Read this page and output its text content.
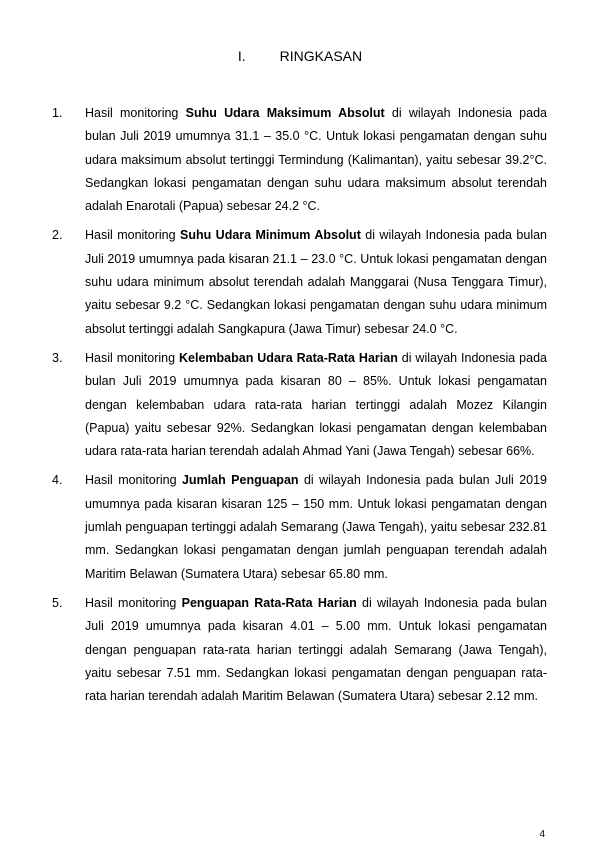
I. RINGKASAN
1. Hasil monitoring Suhu Udara Maksimum Absolut di wilayah Indonesia pada bulan Juli 2019 umumnya 31.1 – 35.0 °C. Untuk lokasi pengamatan dengan suhu udara maksimum absolut tertinggi Termindung (Kalimantan), yaitu sebesar 39.2°C. Sedangkan lokasi pengamatan dengan suhu udara maksimum absolut terendah adalah Enarotali (Papua) sebesar 24.2 °C.
2. Hasil monitoring Suhu Udara Minimum Absolut di wilayah Indonesia pada bulan Juli 2019 umumnya pada kisaran 21.1 – 23.0 °C. Untuk lokasi pengamatan dengan suhu udara minimum absolut terendah adalah Manggarai (Nusa Tenggara Timur), yaitu sebesar 9.2 °C. Sedangkan lokasi pengamatan dengan suhu udara minimum absolut tertinggi adalah Sangkapura (Jawa Timur) sebesar 24.0 °C.
3. Hasil monitoring Kelembaban Udara Rata-Rata Harian di wilayah Indonesia pada bulan Juli 2019 umumnya pada kisaran 80 – 85%. Untuk lokasi pengamatan dengan kelembaban udara rata-rata harian tertinggi adalah Mozez Kilangin (Papua) yaitu sebesar 92%. Sedangkan lokasi pengamatan dengan kelembaban udara rata-rata harian terendah adalah Ahmad Yani (Jawa Tengah) sebesar 66%.
4. Hasil monitoring Jumlah Penguapan di wilayah Indonesia pada bulan Juli 2019 umumnya pada kisaran kisaran 125 – 150 mm. Untuk lokasi pengamatan dengan jumlah penguapan tertinggi adalah Semarang (Jawa Tengah), yaitu sebesar 232.81 mm. Sedangkan lokasi pengamatan dengan jumlah penguapan terendah adalah Maritim Belawan (Sumatera Utara) sebesar 65.80 mm.
5. Hasil monitoring Penguapan Rata-Rata Harian di wilayah Indonesia pada bulan Juli 2019 umumnya pada kisaran 4.01 – 5.00 mm. Untuk lokasi pengamatan dengan penguapan rata-rata harian tertinggi adalah Semarang (Jawa Tengah), yaitu sebesar 7.51 mm. Sedangkan lokasi pengamatan dengan penguapan rata-rata harian terendah adalah Maritim Belawan (Sumatera Utara) sebesar 2.12 mm.
4
